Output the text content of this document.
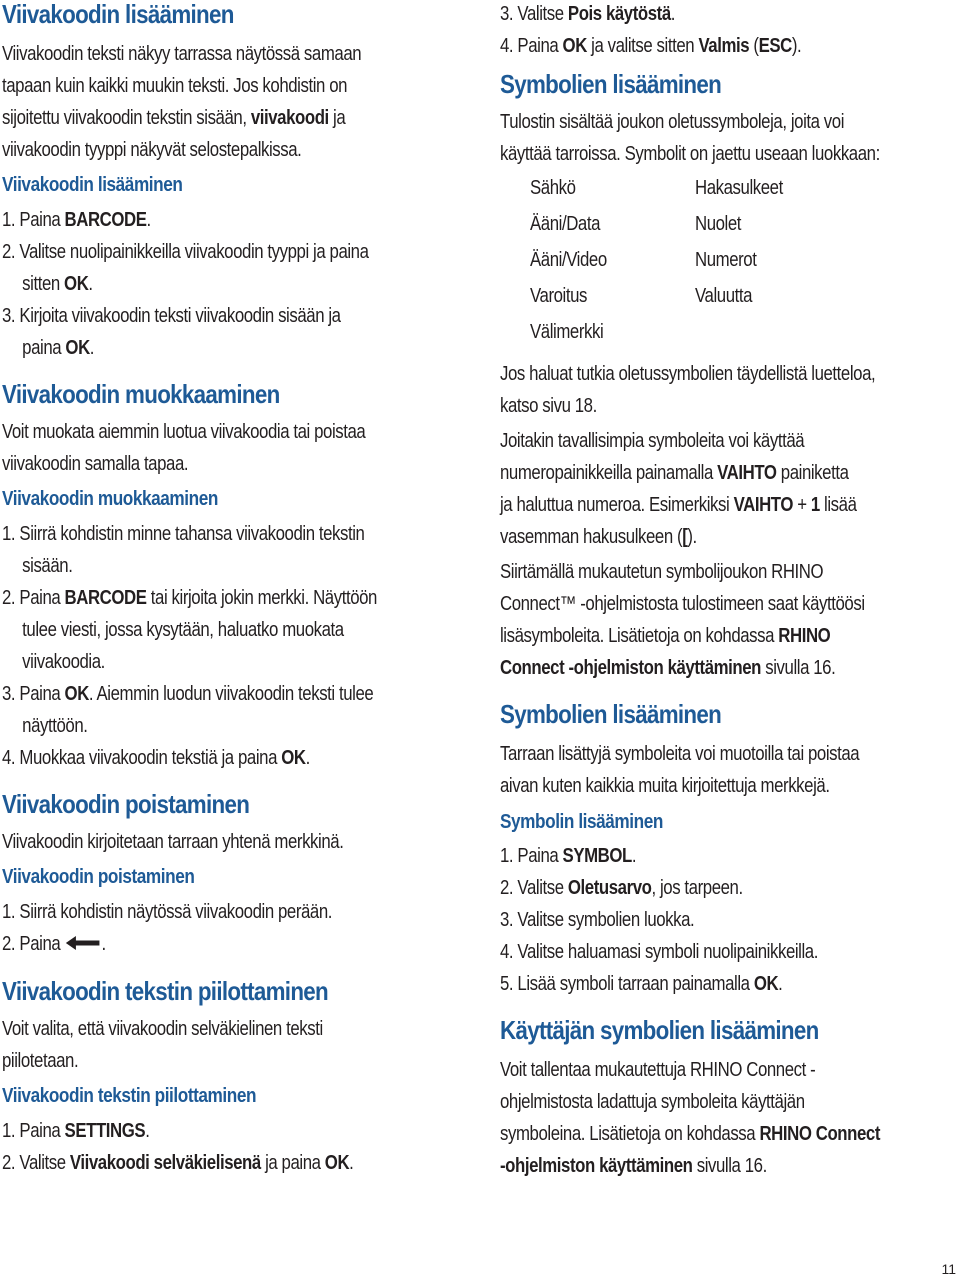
Viivakoodin lisääminen
Viivakoodin teksti näkyy tarrassa näytössä samaan
tapaan kuin kaikki muukin teksti. Jos kohdistin on
sijoitettu viivakoodin tekstin sisään, viivakoodi ja
viivakoodin tyyppi näkyvät selostepalkissa.
Viivakoodin lisääminen
1. Paina BARCODE.
2. Valitse nuolipainikkeilla viivakoodin tyyppi ja paina
sitten OK.
3. Kirjoita viivakoodin teksti viivakoodin sisään ja
paina OK.
Viivakoodin muokkaaminen
Voit muokata aiemmin luotua viivakoodia tai poistaa
viivakoodin samalla tapaa.
Viivakoodin muokkaaminen
1. Siirrä kohdistin minne tahansa viivakoodin tekstin
sisään.
2. Paina BARCODE tai kirjoita jokin merkki. Näyttöön
tulee viesti, jossa kysytään, haluatko muokata
viivakoodia.
3. Paina OK. Aiemmin luodun viivakoodin teksti tulee
näyttöön.
4. Muokkaa viivakoodin tekstiä ja paina OK.
Viivakoodin poistaminen
Viivakoodin kirjoitetaan tarraan yhtenä merkkinä.
Viivakoodin poistaminen
1. Siirrä kohdistin näytössä viivakoodin perään.
2. Paina .
Viivakoodin tekstin piilottaminen
Voit valita, että viivakoodin selväkielinen teksti
piilotetaan.
Viivakoodin tekstin piilottaminen
1. Paina SETTINGS.
2. Valitse Viivakoodi selväkielisenä ja paina OK.
3. Valitse Pois käytöstä.
4. Paina OK ja valitse sitten Valmis (ESC).
Symbolien lisääminen
Tulostin sisältää joukon oletussymboleja, joita voi
käyttää tarroissa. Symbolit on jaettu useaan luokkaan:
Sähkö	Hakasulkeet
Ääni/Data	Nuolet
Ääni/Video	Numerot
Varoitus	Valuutta
Välimerkki
Jos haluat tutkia oletussymbolien täydellistä luetteloa,
katso sivu 18.
Joitakin tavallisimpia symboleita voi käyttää
numeropainikkeilla painamalla VAIHTO painiketta
ja haluttua numeroa. Esimerkiksi VAIHTO + 1 lisää
vasemman hakusulkeen ([).
Siirtämällä mukautetun symbolijoukon RHINO
Connect™ -ohjelmistosta tulostimeen saat käyttöösi
lisäsymboleita. Lisätietoja on kohdassa RHINO
Connect -ohjelmiston käyttäminen sivulla 16.
Symbolien lisääminen
Tarraan lisättyjä symboleita voi muotoilla tai poistaa
aivan kuten kaikkia muita kirjoitettuja merkkejä.
Symbolin lisääminen
1. Paina SYMBOL.
2. Valitse Oletusarvo, jos tarpeen.
3. Valitse symbolien luokka.
4. Valitse haluamasi symboli nuolipainikkeilla.
5. Lisää symboli tarraan painamalla OK.
Käyttäjän symbolien lisääminen
Voit tallentaa mukautettuja RHINO Connect -
ohjelmistosta ladattuja symboleita käyttäjän
symboleina. Lisätietoja on kohdassa RHINO Connect
-ohjelmiston käyttäminen sivulla 16.
11
